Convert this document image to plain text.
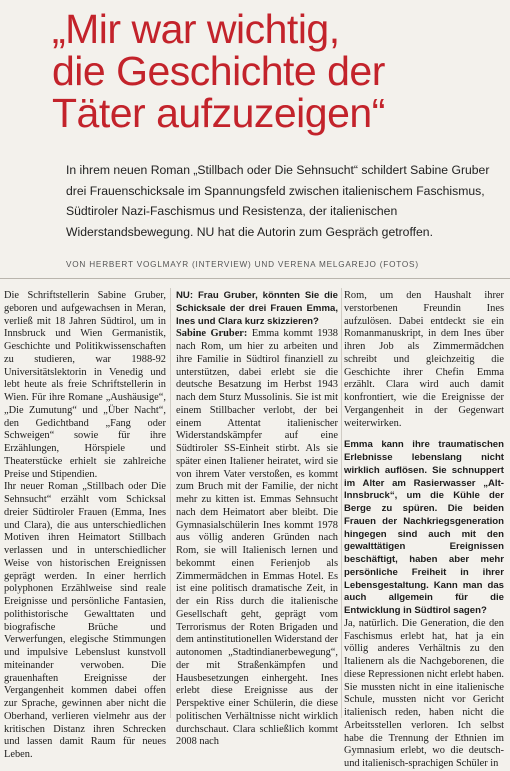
„Mir war wichtig,
die Geschichte der
Täter aufzuzeigen“
In ihrem neuen Roman „Stillbach oder Die Sehnsucht“ schildert Sabine Gruber drei Frauenschicksale im Spannungsfeld zwischen italienischem Faschismus, Südtiroler Nazi-Faschismus und Resistenza, der italienischen Widerstandsbewegung. NU hat die Autorin zum Gespräch getroffen.
VON HERBERT VOGLMAYR (INTERVIEW) UND VERENA MELGAREJO (FOTOS)

Die Schriftstellerin Sabine Gruber, geboren und aufgewachsen in Meran, verließ mit 18 Jahren Südtirol, um in Innsbruck und Wien Germanistik, Geschichte und Politikwissenschaften zu studieren, war 1988-92 Universitätslektorin in Venedig und lebt heute als freie Schriftstellerin in Wien. Für ihre Romane „Aushäusige“, „Die Zumutung“ und „Über Nacht“, den Gedichtband „Fang oder Schweigen“ sowie für ihre Erzählungen, Hörspiele und Theaterstücke erhielt sie zahlreiche Preise und Stipendien.

Ihr neuer Roman „Stillbach oder Die Sehnsucht“ erzählt vom Schicksal dreier Südtiroler Frauen (Emma, Ines und Clara), die aus unterschiedlichen Motiven ihren Heimatort Stillbach verlassen und in unterschiedlicher Weise von historischen Ereignissen geprägt werden. In einer herrlich polyphonen Erzählweise sind reale Ereignisse und persönliche Fantasien, polithistorische Gewalttaten und biografische Brüche und Verwerfungen, elegische Stimmungen und impulsive Lebenslust kunstvoll miteinander verwoben. Die grauenhaften Ereignisse der Vergangenheit kommen dabei offen zur Sprache, gewinnen aber nicht die Oberhand, verlieren vielmehr aus der kritischen Distanz ihren Schrecken und lassen damit Raum für neues Leben.

NU: Frau Gruber, könnten Sie die Schicksale der drei Frauen Emma, Ines und Clara kurz skizzieren?

Sabine Gruber: Emma kommt 1938 nach Rom, um hier zu arbeiten und ihre Familie in Südtirol finanziell zu unterstützen, dabei erlebt sie die deutsche Besatzung im Herbst 1943 nach dem Sturz Mussolinis. Sie ist mit einem Stillbacher verlobt, der bei einem Attentat italienischer Widerstandskämpfer auf eine Südtiroler SS-Einheit stirbt. Als sie später einen Italiener heiratet, wird sie von ihrem Vater verstoßen, es kommt zum Bruch mit der Familie, der nicht mehr zu kitten ist. Emmas Sehnsucht nach dem Heimatort aber bleibt. Die Gymnasialschülerin Ines kommt 1978 aus völlig anderen Gründen nach Rom, sie will Italienisch lernen und bekommt einen Ferienjob als Zimmermädchen in Emmas Hotel. Es ist eine politisch dramatische Zeit, in der ein Riss durch die italienische Gesellschaft geht, geprägt vom Terrorismus der Roten Brigaden und dem antinstitutionellen Widerstand der autonomen „Stadtindianerbewegung“, der mit Straßenkämpfen und Hausbesetzungen einhergeht. Ines erlebt diese Ereignisse aus der Perspektive einer Schülerin, die diese politischen Verhältnisse nicht wirklich durchschaut. Clara schließlich kommt 2008 nach

Rom, um den Haushalt ihrer verstorbenen Freundin Ines aufzulösen. Dabei entdeckt sie ein Romanmanuskript, in dem Ines über ihren Job als Zimmermädchen schreibt und gleichzeitig die Geschichte ihrer Chefin Emma erzählt. Clara wird auch damit konfrontiert, wie die Ereignisse der Vergangenheit in der Gegenwart weiterwirken.

Emma kann ihre traumatischen Erlebnisse lebenslang nicht wirklich auflösen. Sie schnuppert im Alter am Rasierwasser „Alt-Innsbruck“, um die Kühle der Berge zu spüren. Die beiden Frauen der Nachkriegsgeneration hingegen sind auch mit den gewalttätigen Ereignissen beschäftigt, haben aber mehr persönliche Freiheit in ihrer Lebensgestaltung. Kann man das auch allgemein für die Entwicklung in Südtirol sagen?

Ja, natürlich. Die Generation, die den Faschismus erlebt hat, hat ja ein völlig anderes Verhältnis zu den Italienern als die Nachgeborenen, die diese Repressionen nicht erlebt haben. Sie mussten nicht in eine italienische Schule, mussten nicht vor Gericht italienisch reden, haben nicht die Arbeitsstellen verloren. Ich selbst habe die Trennung der Ethnien im Gymnasium erlebt, wo die deutsch- und italienisch-sprachigen Schüler in
